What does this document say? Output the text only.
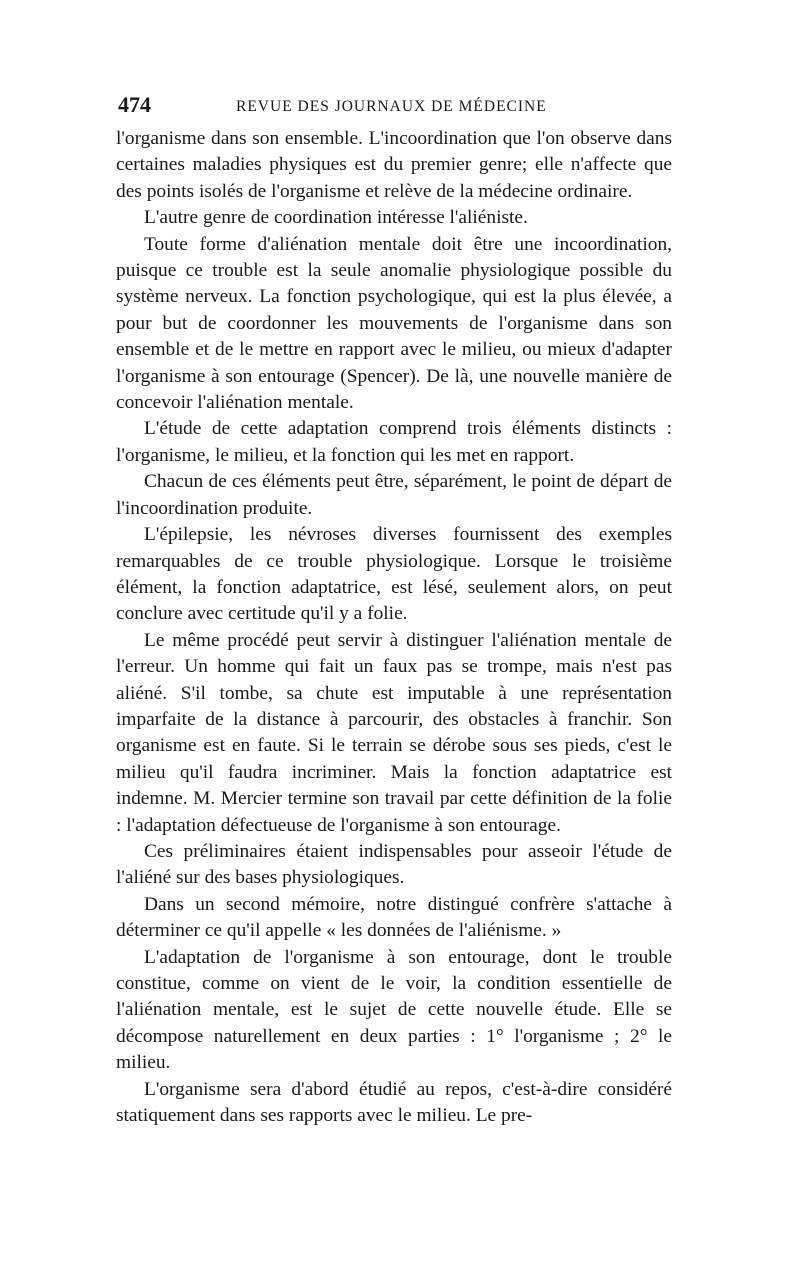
474	REVUE DES JOURNAUX DE MÉDECINE

l'organisme dans son ensemble. L'incoordination que l'on observe dans certaines maladies physiques est du premier genre; elle n'affecte que des points isolés de l'organisme et relève de la médecine ordinaire.

L'autre genre de coordination intéresse l'aliéniste.

Toute forme d'aliénation mentale doit être une incoordination, puisque ce trouble est la seule anomalie physiologique possible du système nerveux. La fonction psychologique, qui est la plus élevée, a pour but de coordonner les mouvements de l'organisme dans son ensemble et de le mettre en rapport avec le milieu, ou mieux d'adapter l'organisme à son entourage (Spencer). De là, une nouvelle manière de concevoir l'aliénation mentale.

L'étude de cette adaptation comprend trois éléments distincts : l'organisme, le milieu, et la fonction qui les met en rapport.

Chacun de ces éléments peut être, séparément, le point de départ de l'incoordination produite.

L'épilepsie, les névroses diverses fournissent des exemples remarquables de ce trouble physiologique. Lorsque le troisième élément, la fonction adaptatrice, est lésé, seulement alors, on peut conclure avec certitude qu'il y a folie.

Le même procédé peut servir à distinguer l'aliénation mentale de l'erreur. Un homme qui fait un faux pas se trompe, mais n'est pas aliéné. S'il tombe, sa chute est imputable à une représentation imparfaite de la distance à parcourir, des obstacles à franchir. Son organisme est en faute. Si le terrain se dérobe sous ses pieds, c'est le milieu qu'il faudra incriminer. Mais la fonction adaptatrice est indemne. M. Mercier termine son travail par cette définition de la folie : l'adaptation défectueuse de l'organisme à son entourage.

Ces préliminaires étaient indispensables pour asseoir l'étude de l'aliéné sur des bases physiologiques.

Dans un second mémoire, notre distingué confrère s'attache à déterminer ce qu'il appelle « les données de l'aliénisme. »

L'adaptation de l'organisme à son entourage, dont le trouble constitue, comme on vient de le voir, la condition essentielle de l'aliénation mentale, est le sujet de cette nouvelle étude. Elle se décompose naturellement en deux parties : 1° l'organisme ; 2° le milieu.

L'organisme sera d'abord étudié au repos, c'est-à-dire considéré statiquement dans ses rapports avec le milieu. Le pre-
